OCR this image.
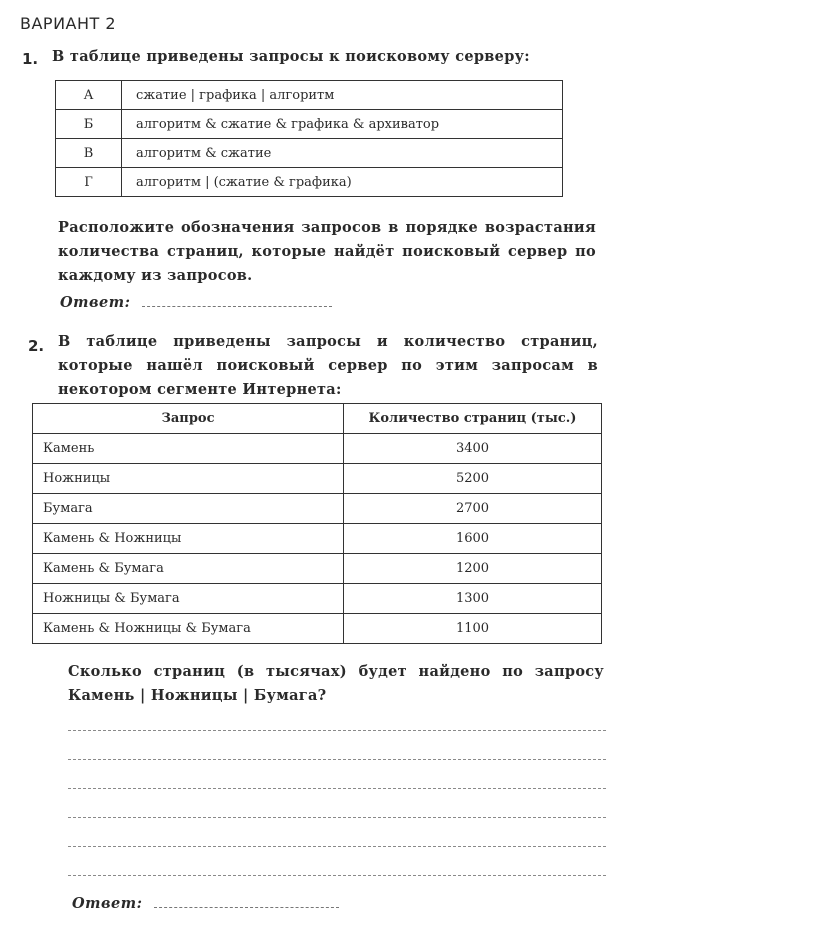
ВАРИАНТ 2
1. В таблице приведены запросы к поисковому серверу:
А	сжатие | графика | алгоритм
Б	алгоритм & сжатие & графика & архиватор
В	алгоритм & сжатие
Г	алгоритм | (сжатие & графика)
Расположите обозначения запросов в порядке возрастания количества страниц, которые найдёт поисковый сервер по каждому из запросов.
Ответ:
2. В таблице приведены запросы и количество страниц, которые нашёл поисковый сервер по этим запросам в некотором сегменте Интернета:
Запрос	Количество страниц (тыс.)
Камень	3400
Ножницы	5200
Бумага	2700
Камень & Ножницы	1600
Камень & Бумага	1200
Ножницы & Бумага	1300
Камень & Ножницы & Бумага	1100
Сколько страниц (в тысячах) будет найдено по запросу Камень | Ножницы | Бумага?
Ответ:
